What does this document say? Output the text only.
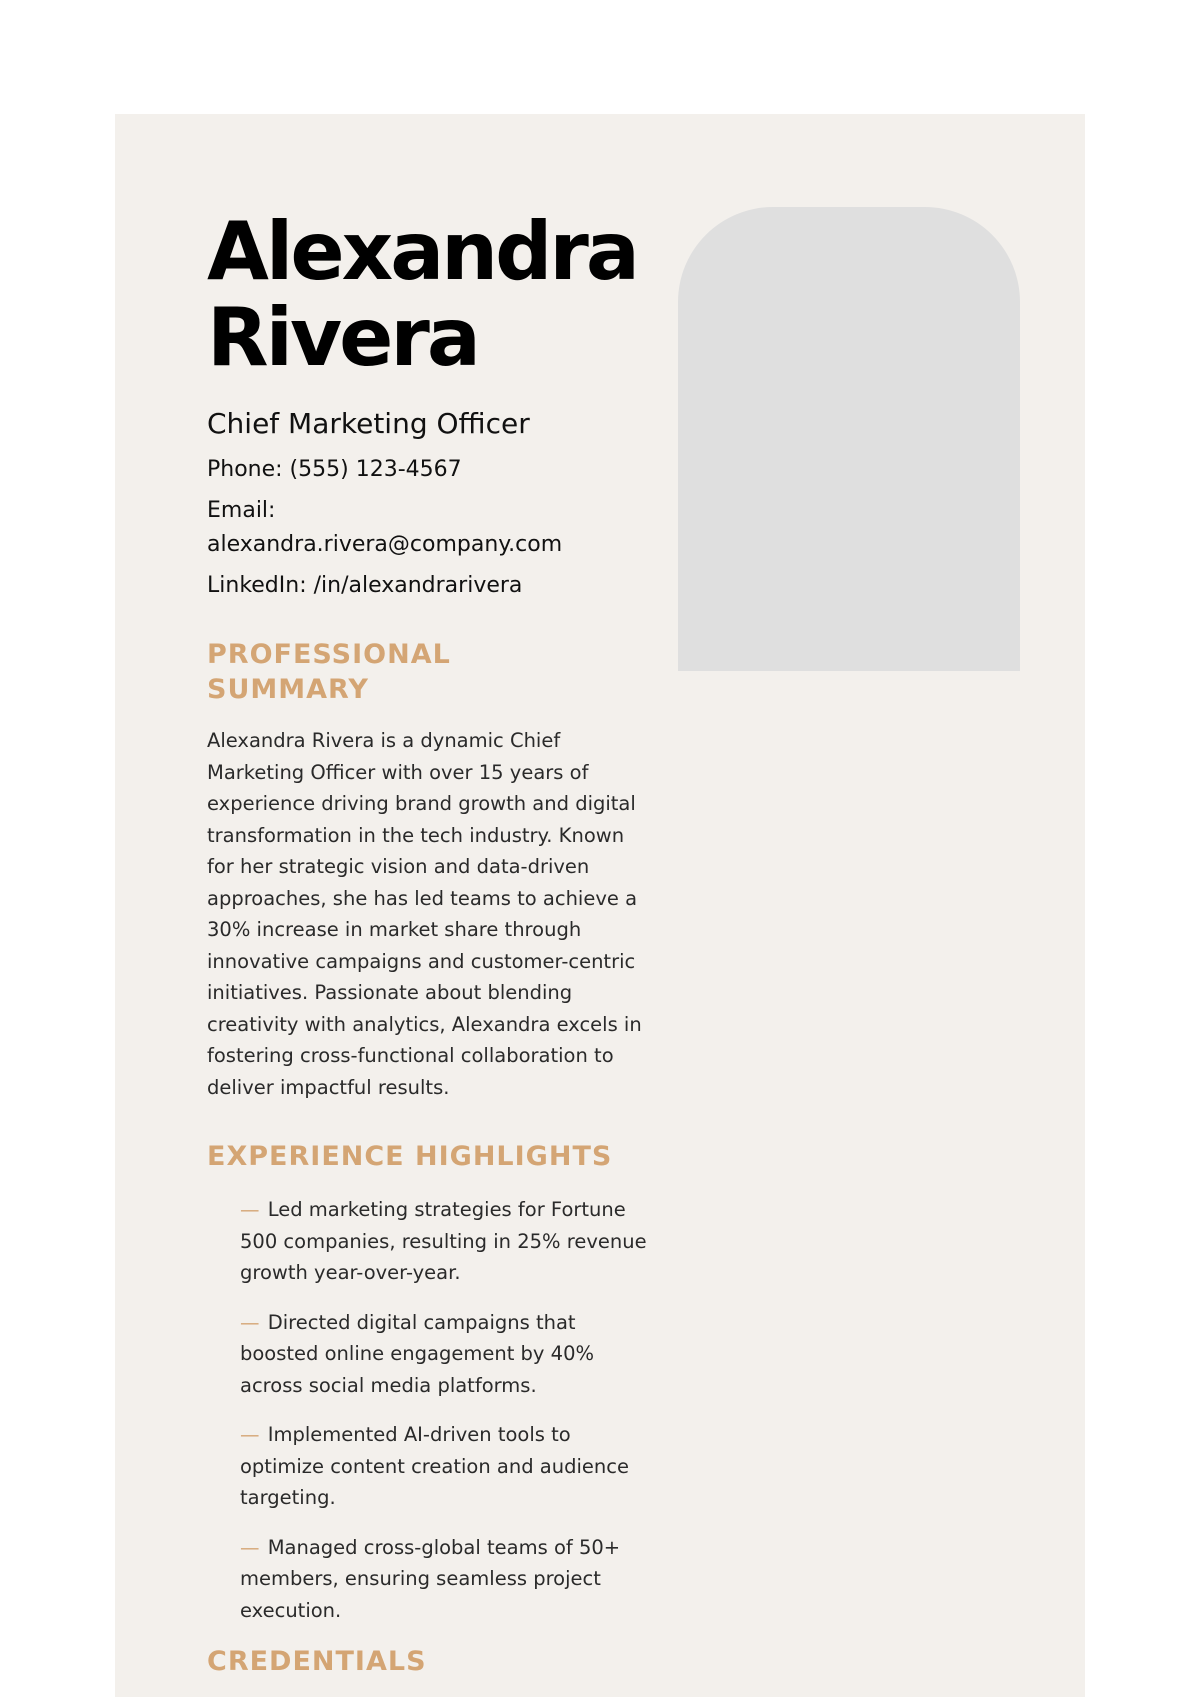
Alexandra
Rivera
Chief Marketing Officer
Phone: (555) 123-4567
Email:
alexandra.rivera@company.com
LinkedIn: /in/alexandrarivera
PROFESSIONAL SUMMARY

Alexandra Rivera is a dynamic Chief Marketing Officer with over 15 years of experience driving brand growth and digital transformation in the tech industry. Known for her strategic vision and data-driven approaches, she has led teams to achieve a 30% increase in market share through innovative campaigns and customer-centric initiatives. Passionate about blending creativity with analytics, Alexandra excels in fostering cross-functional collaboration to deliver impactful results.

EXPERIENCE HIGHLIGHTS
— Led marketing strategies for Fortune 500 companies, resulting in 25% revenue growth year-over-year.
— Directed digital campaigns that boosted online engagement by 40% across social media platforms.
— Implemented AI-driven tools to optimize content creation and audience targeting.
— Managed cross-global teams of 50+ members, ensuring seamless project execution.
CREDENTIALS
